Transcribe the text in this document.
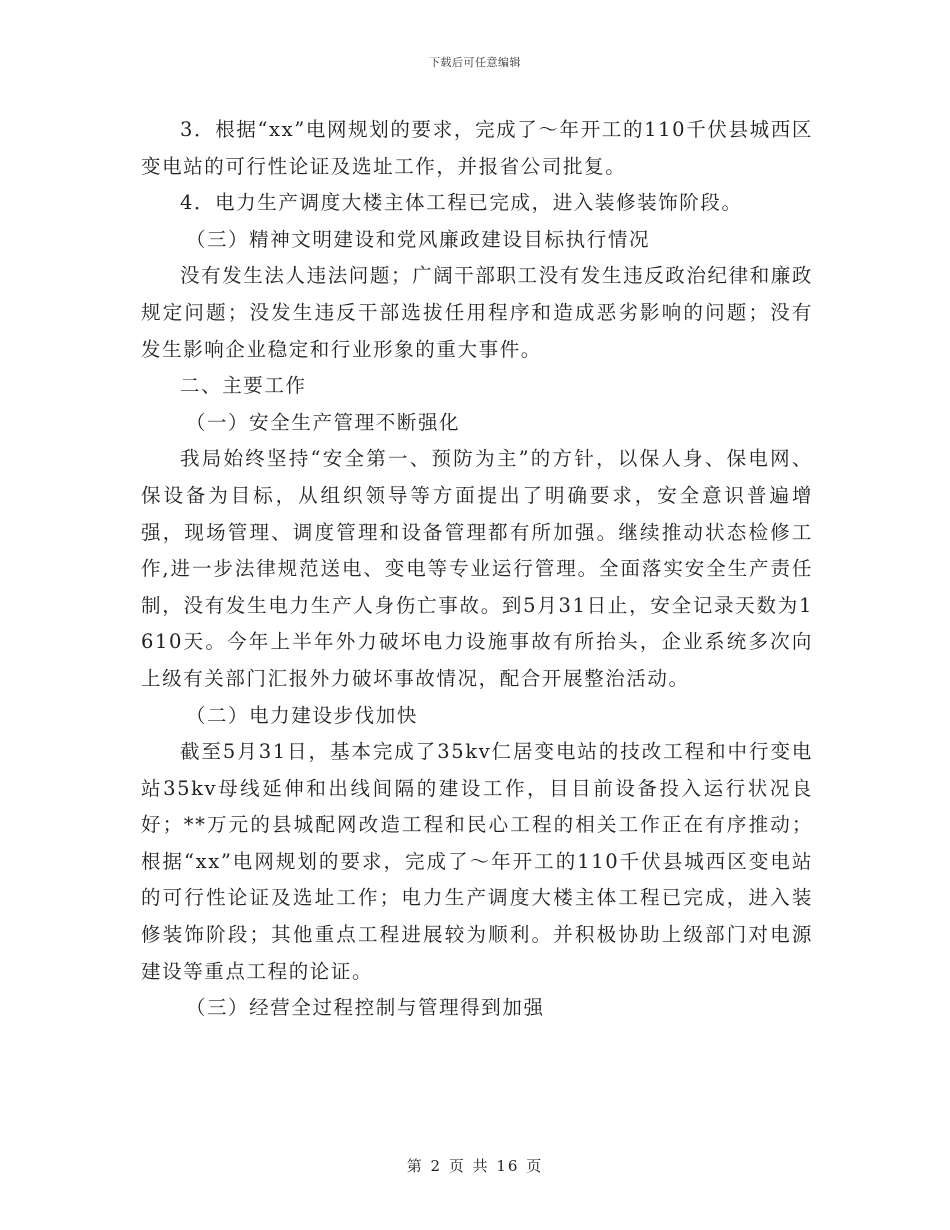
下载后可任意编辑

3．根据“xx”电网规划的要求，完成了～年开工的110千伏县城西区变电站的可行性论证及选址工作，并报省公司批复。

4．电力生产调度大楼主体工程已完成，进入装修装饰阶段。

（三）精神文明建设和党风廉政建设目标执行情况

没有发生法人违法问题；广阔干部职工没有发生违反政治纪律和廉政规定问题；没发生违反干部选拔任用程序和造成恶劣影响的问题；没有发生影响企业稳定和行业形象的重大事件。

二、主要工作

（一）安全生产管理不断强化

我局始终坚持“安全第一、预防为主”的方针，以保人身、保电网、保设备为目标，从组织领导等方面提出了明确要求，安全意识普遍增强，现场管理、调度管理和设备管理都有所加强。继续推动状态检修工作,进一步法律规范送电、变电等专业运行管理。全面落实安全生产责任制，没有发生电力生产人身伤亡事故。到5月31日止，安全记录天数为1610天。今年上半年外力破坏电力设施事故有所抬头，企业系统多次向上级有关部门汇报外力破坏事故情况，配合开展整治活动。

（二）电力建设步伐加快

截至5月31日，基本完成了35kv仁居变电站的技改工程和中行变电站35kv母线延伸和出线间隔的建设工作，目目前设备投入运行状况良好；**万元的县城配网改造工程和民心工程的相关工作正在有序推动；根据“xx”电网规划的要求，完成了～年开工的110千伏县城西区变电站的可行性论证及选址工作；电力生产调度大楼主体工程已完成，进入装修装饰阶段；其他重点工程进展较为顺利。并积极协助上级部门对电源建设等重点工程的论证。

（三）经营全过程控制与管理得到加强

第 2 页 共 16 页
